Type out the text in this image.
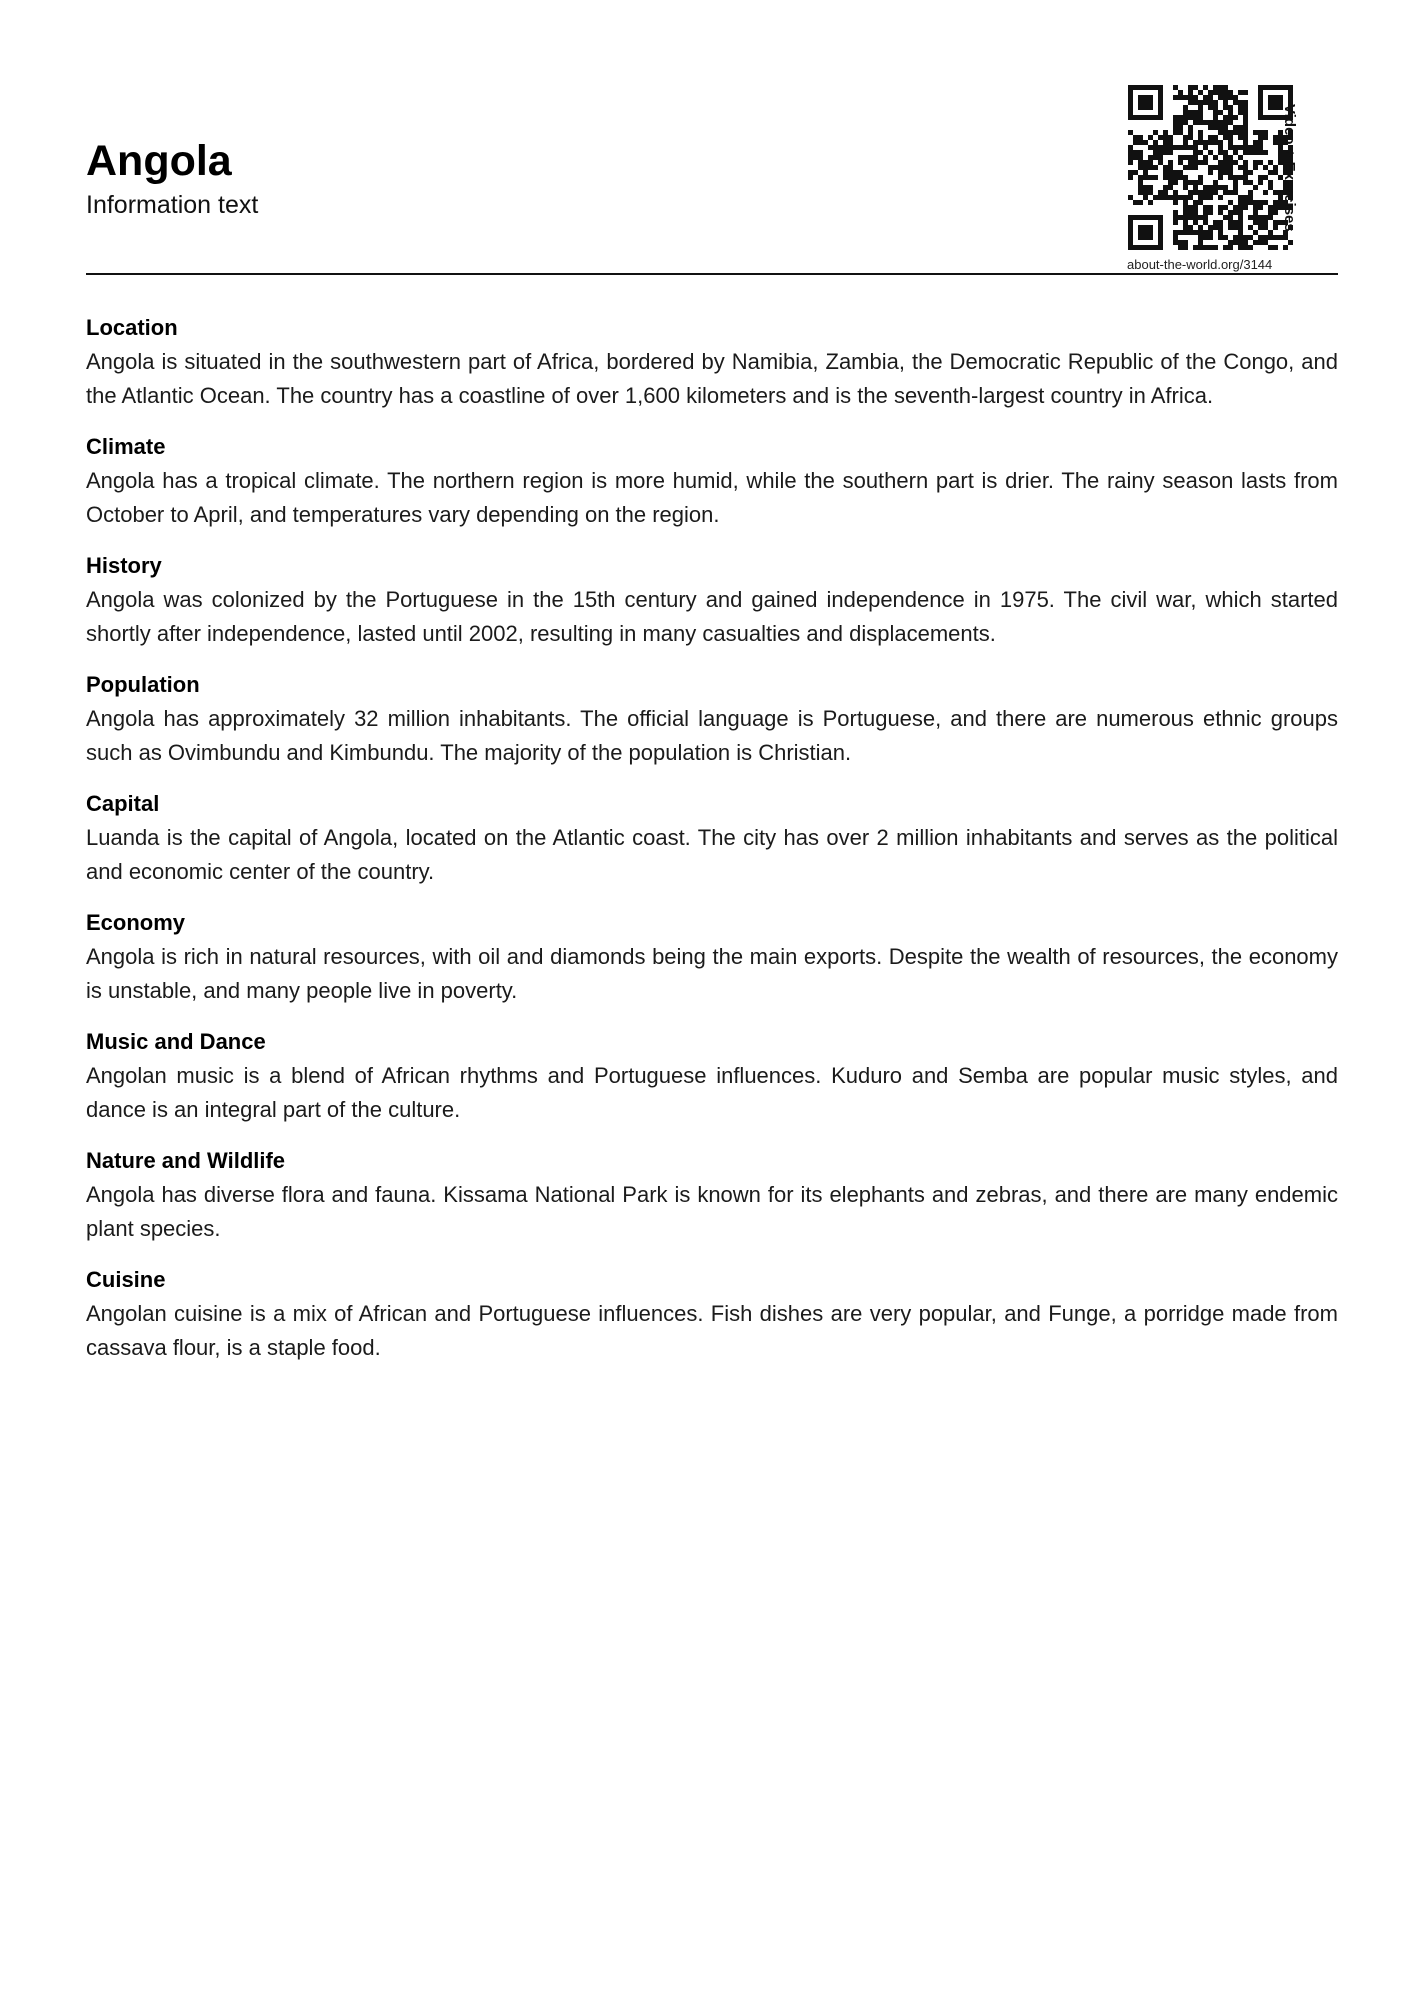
Angola
Information text	Video + Exercises
about-the-world.org/3144
Location

Angola is situated in the southwestern part of Africa, bordered by Namibia, Zambia, the Democratic Republic of the Congo, and the Atlantic Ocean. The country has a coastline of over 1,600 kilometers and is the seventh-largest country in Africa.

Climate

Angola has a tropical climate. The northern region is more humid, while the southern part is drier. The rainy season lasts from October to April, and temperatures vary depending on the region.

History

Angola was colonized by the Portuguese in the 15th century and gained independence in 1975. The civil war, which started shortly after independence, lasted until 2002, resulting in many casualties and displacements.

Population

Angola has approximately 32 million inhabitants. The official language is Portuguese, and there are numerous ethnic groups such as Ovimbundu and Kimbundu. The majority of the population is Christian.

Capital

Luanda is the capital of Angola, located on the Atlantic coast. The city has over 2 million inhabitants and serves as the political and economic center of the country.

Economy

Angola is rich in natural resources, with oil and diamonds being the main exports. Despite the wealth of resources, the economy is unstable, and many people live in poverty.

Music and Dance

Angolan music is a blend of African rhythms and Portuguese influences. Kuduro and Semba are popular music styles, and dance is an integral part of the culture.

Nature and Wildlife

Angola has diverse flora and fauna. Kissama National Park is known for its elephants and zebras, and there are many endemic plant species.

Cuisine

Angolan cuisine is a mix of African and Portuguese influences. Fish dishes are very popular, and Funge, a porridge made from cassava flour, is a staple food.
